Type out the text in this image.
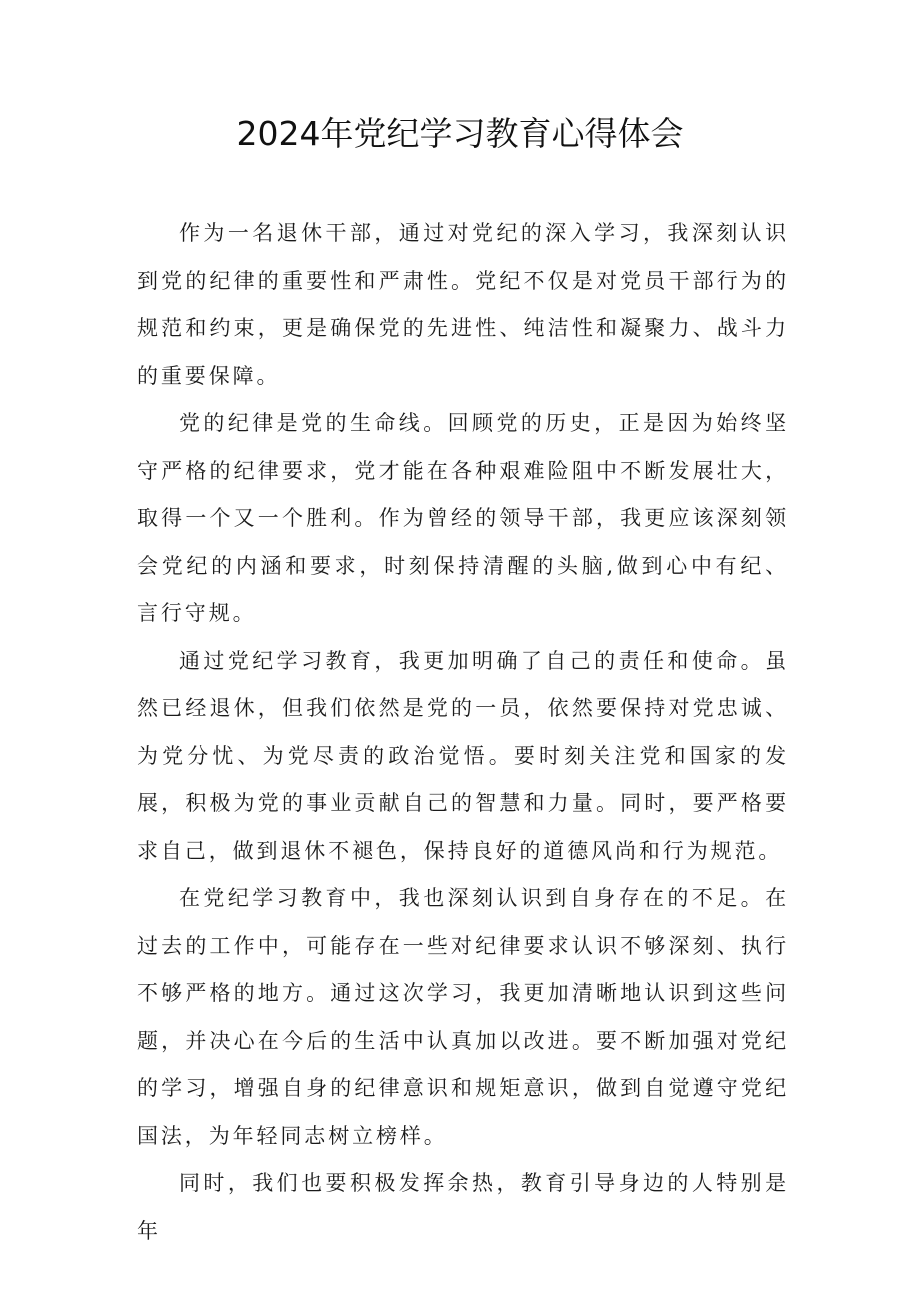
2024年党纪学习教育心得体会

作为一名退休干部，通过对党纪的深入学习，我深刻认识到党的纪律的重要性和严肃性。党纪不仅是对党员干部行为的规范和约束，更是确保党的先进性、纯洁性和凝聚力、战斗力的重要保障。

党的纪律是党的生命线。回顾党的历史，正是因为始终坚守严格的纪律要求，党才能在各种艰难险阻中不断发展壮大，取得一个又一个胜利。作为曾经的领导干部，我更应该深刻领会党纪的内涵和要求，时刻保持清醒的头脑,做到心中有纪、言行守规。

通过党纪学习教育，我更加明确了自己的责任和使命。虽然已经退休，但我们依然是党的一员，依然要保持对党忠诚、为党分忧、为党尽责的政治觉悟。要时刻关注党和国家的发展，积极为党的事业贡献自己的智慧和力量。同时，要严格要求自己，做到退休不褪色，保持良好的道德风尚和行为规范。

在党纪学习教育中，我也深刻认识到自身存在的不足。在过去的工作中，可能存在一些对纪律要求认识不够深刻、执行不够严格的地方。通过这次学习，我更加清晰地认识到这些问题，并决心在今后的生活中认真加以改进。要不断加强对党纪的学习，增强自身的纪律意识和规矩意识，做到自觉遵守党纪国法，为年轻同志树立榜样。

同时，我们也要积极发挥余热，教育引导身边的人特别是年
